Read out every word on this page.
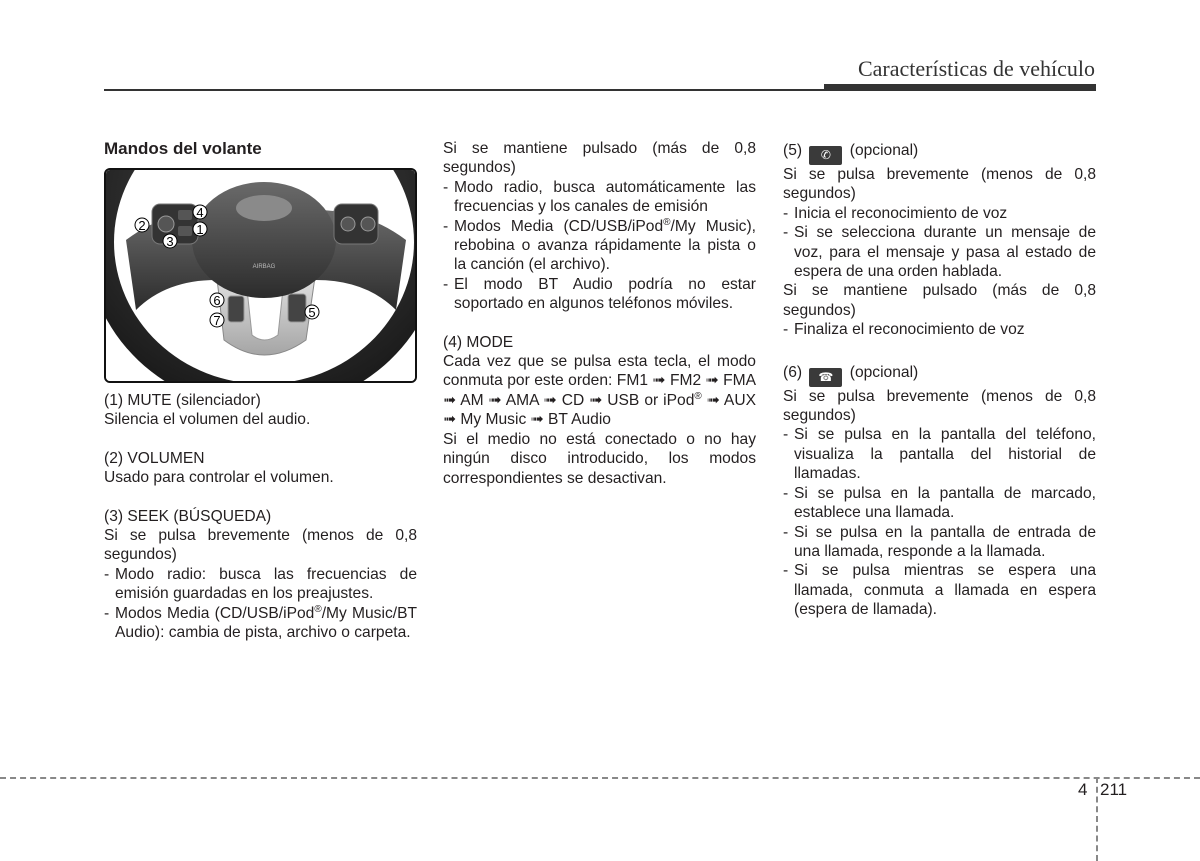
Características de vehículo
Mandos del volante
AIRBAG
4
1
2
3
6
7
5

(1) MUTE (silenciador)

Silencia el volumen del audio.

(2) VOLUMEN

Usado para controlar el volumen.

(3) SEEK (BÚSQUEDA)

Si se pulsa brevemente (menos de 0,8 segundos)

- Modo radio: busca las frecuencias de emisión guardadas en los preajustes.
- Modos Media (CD/USB/iPod®/My Music/BT Audio): cambia de pista, archivo o carpeta.

Si se mantiene pulsado (más de 0,8 segundos)

- Modo radio, busca automáticamente las frecuencias y los canales de emisión
- Modos Media (CD/USB/iPod®/My Music), rebobina o avanza rápidamente la pista o la canción (el archivo).
- El modo BT Audio podría no estar soportado en algunos teléfonos móviles.

(4) MODE

Cada vez que se pulsa esta tecla, el modo conmuta por este orden: FM1 ➟ FM2 ➟ FMA ➟ AM ➟ AMA ➟ CD ➟ USB or iPod® ➟ AUX ➟ My Music ➟ BT Audio

Si el medio no está conectado o no hay ningún disco introducido, los modos correspondientes se desactivan.

(5) ✆ (opcional)

Si se pulsa brevemente (menos de 0,8 segundos)

- Inicia el reconocimiento de voz
- Si se selecciona durante un mensaje de voz, para el mensaje y pasa al estado de espera de una orden hablada.

Si se mantiene pulsado (más de 0,8 segundos)

- Finaliza el reconocimiento de voz

(6) ☎ (opcional)

Si se pulsa brevemente (menos de 0,8 segundos)

- Si se pulsa en la pantalla del teléfono, visualiza la pantalla del historial de llamadas.
- Si se pulsa en la pantalla de marcado, establece una llamada.
- Si se pulsa en la pantalla de entrada de una llamada, responde a la llamada.
- Si se pulsa mientras se espera una llamada, conmuta a llamada en espera (espera de llamada).
4 211
